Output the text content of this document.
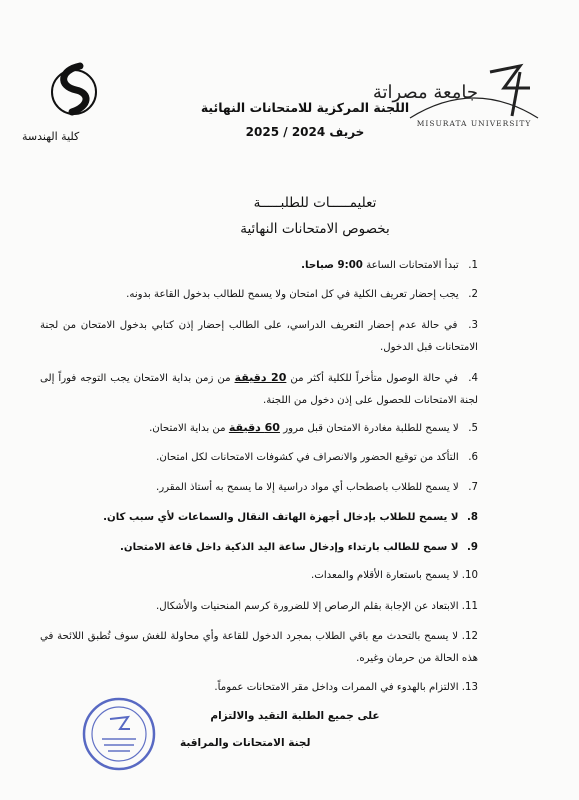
كلية الهندسة
اللجنة المركزية للامتحانات النهائية
خريف 2024 / 2025
جامعة مصراتة
MISURATA UNIVERSITY
تعليمـــــات للطلبـــــة
بخصوص الامتحانات النهائية
1. تبدأ الامتحانات الساعة 9:00 صباحا.
2. يجب إحضار تعريف الكلية في كل امتحان ولا يسمح للطالب بدخول القاعة بدونه.
3. في حالة عدم إحضار التعريف الدراسي، على الطالب إحضار إذن كتابي بدخول الامتحان من لجنة الامتحانات قبل الدخول.
4. في حالة الوصول متأخراً للكلية أكثر من 20 دقيقة من زمن بداية الامتحان يجب التوجه فوراً إلى لجنة الامتحانات للحصول على إذن دخول من اللجنة.
5. لا يسمح للطلبة مغادرة الامتحان قبل مرور 60 دقيقة من بداية الامتحان.
6. التأكد من توقيع الحضور والانصراف في كشوفات الامتحانات لكل امتحان.
7. لا يسمح للطلاب باصطحاب أي مواد دراسية إلا ما يسمح به أستاذ المقرر.
8. لا يسمح للطلاب بإدخال أجهزة الهاتف النقال والسماعات لأي سبب كان.
9. لا سمح للطالب بارتداء وإدخال ساعة اليد الذكية داخل قاعة الامتحان.
10. لا يسمح باستعارة الأقلام والمعدات.
11. الابتعاد عن الإجابة بقلم الرصاص إلا للضرورة كرسم المنحنيات والأشكال.
12. لا يسمح بالتحدث مع باقي الطلاب بمجرد الدخول للقاعة وأي محاولة للغش سوف تُطبق اللائحة في هذه الحالة من حرمان وغيره.
13. الالتزام بالهدوء في الممرات وداخل مقر الامتحانات عموماً.
على جميع الطلبة التقيد والالتزام
لجنة الامتحانات والمراقبة
